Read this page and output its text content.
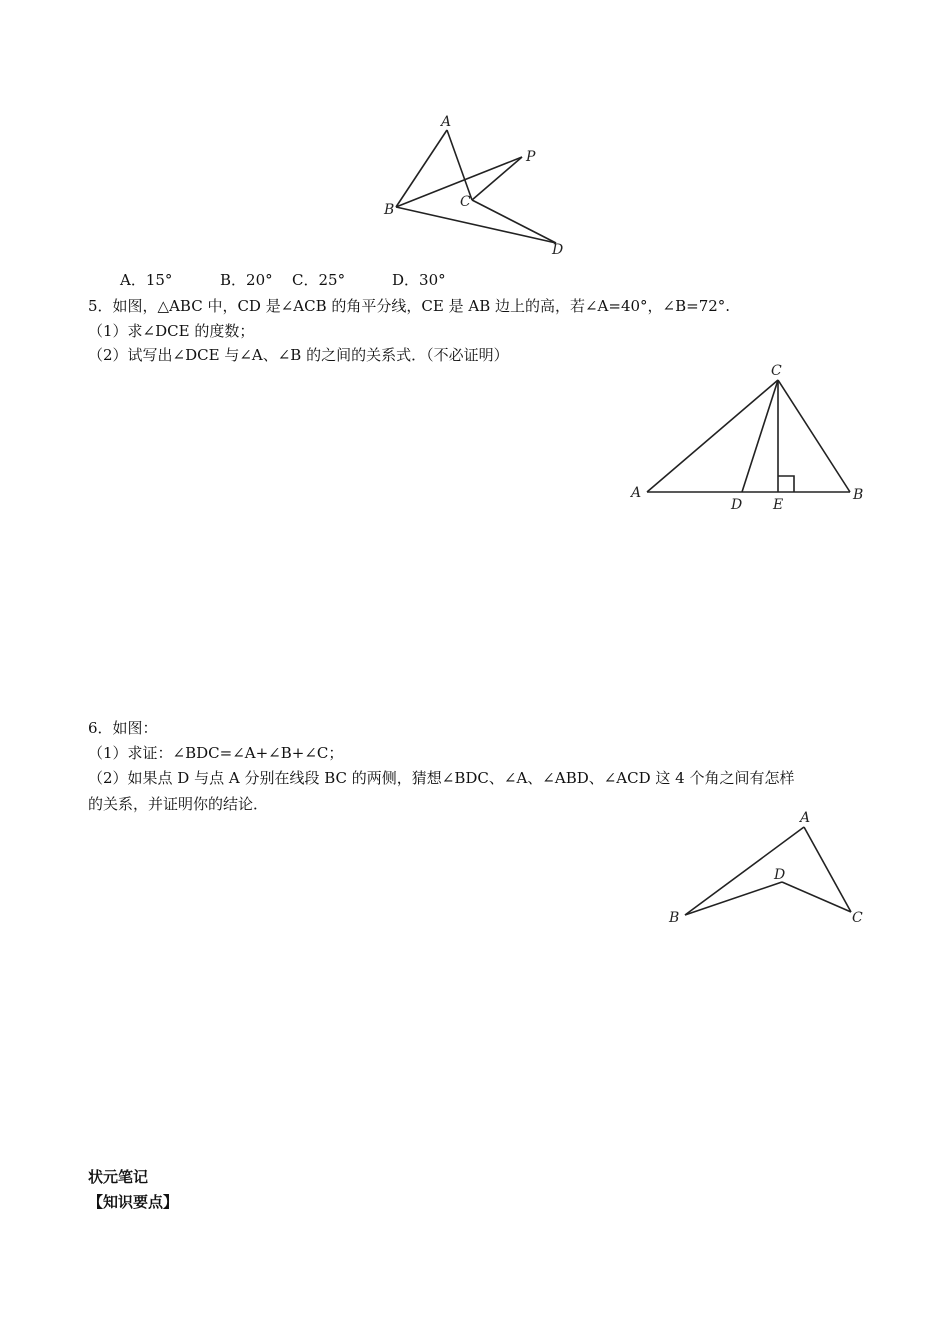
A
P
B	C
D
A．15°	B．20° C．25°	D．30°
5．如图，△ABC 中，CD 是∠ACB 的角平分线，CE 是 AB 边上的高，若∠A=40°，∠B=72°.
（1）求∠DCE 的度数；
（2）试写出∠DCE 与∠A、∠B 的之间的关系式．（不必证明）
C
A
D E
B
6．如图：
（1）求证：∠BDC=∠A+∠B+∠C；
（2）如果点 D 与点 A 分别在线段 BC 的两侧，猜想∠BDC、∠A、∠ABD、∠ACD 这 4 个角之间有怎样
的关系，并证明你的结论．
A
D
B	C
状元笔记
【知识要点】
